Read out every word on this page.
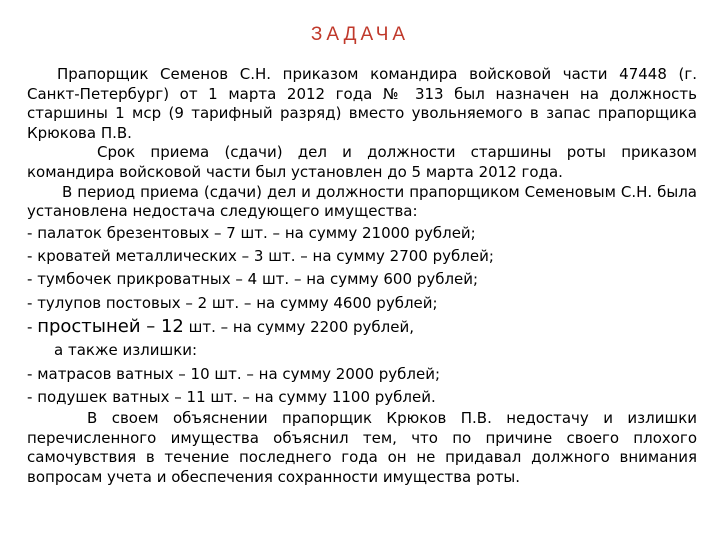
ЗАДАЧА

Прапорщик Семенов С.Н. приказом командира войсковой части 47448 (г. Санкт-Петербург) от 1 марта 2012 года № 313 был назначен на должность старшины 1 мср (9 тарифный разряд) вместо увольняемого в запас прапорщика Крюкова П.В.

Срок приема (сдачи) дел и должности старшины роты приказом командира войсковой части был установлен до 5 марта 2012 года.

В период приема (сдачи) дел и должности прапорщиком Семеновым С.Н. была установлена недостача следующего имущества:

- палаток брезентовых – 7 шт. – на сумму 21000 рублей;
- кроватей металлических – 3 шт. – на сумму 2700 рублей;
- тумбочек прикроватных – 4 шт. – на сумму 600 рублей;
- тулупов постовых – 2 шт. – на сумму 4600 рублей;
- простыней – 12 шт. – на сумму 2200 рублей,

а также излишки:

- матрасов ватных – 10 шт. – на сумму 2000 рублей;
- подушек ватных – 11 шт. – на сумму 1100 рублей.

В своем объяснении прапорщик Крюков П.В. недостачу и излишки перечисленного имущества объяснил тем, что по причине своего плохого самочувствия в течение последнего года он не придавал должного внимания вопросам учета и обеспечения сохранности имущества роты.
